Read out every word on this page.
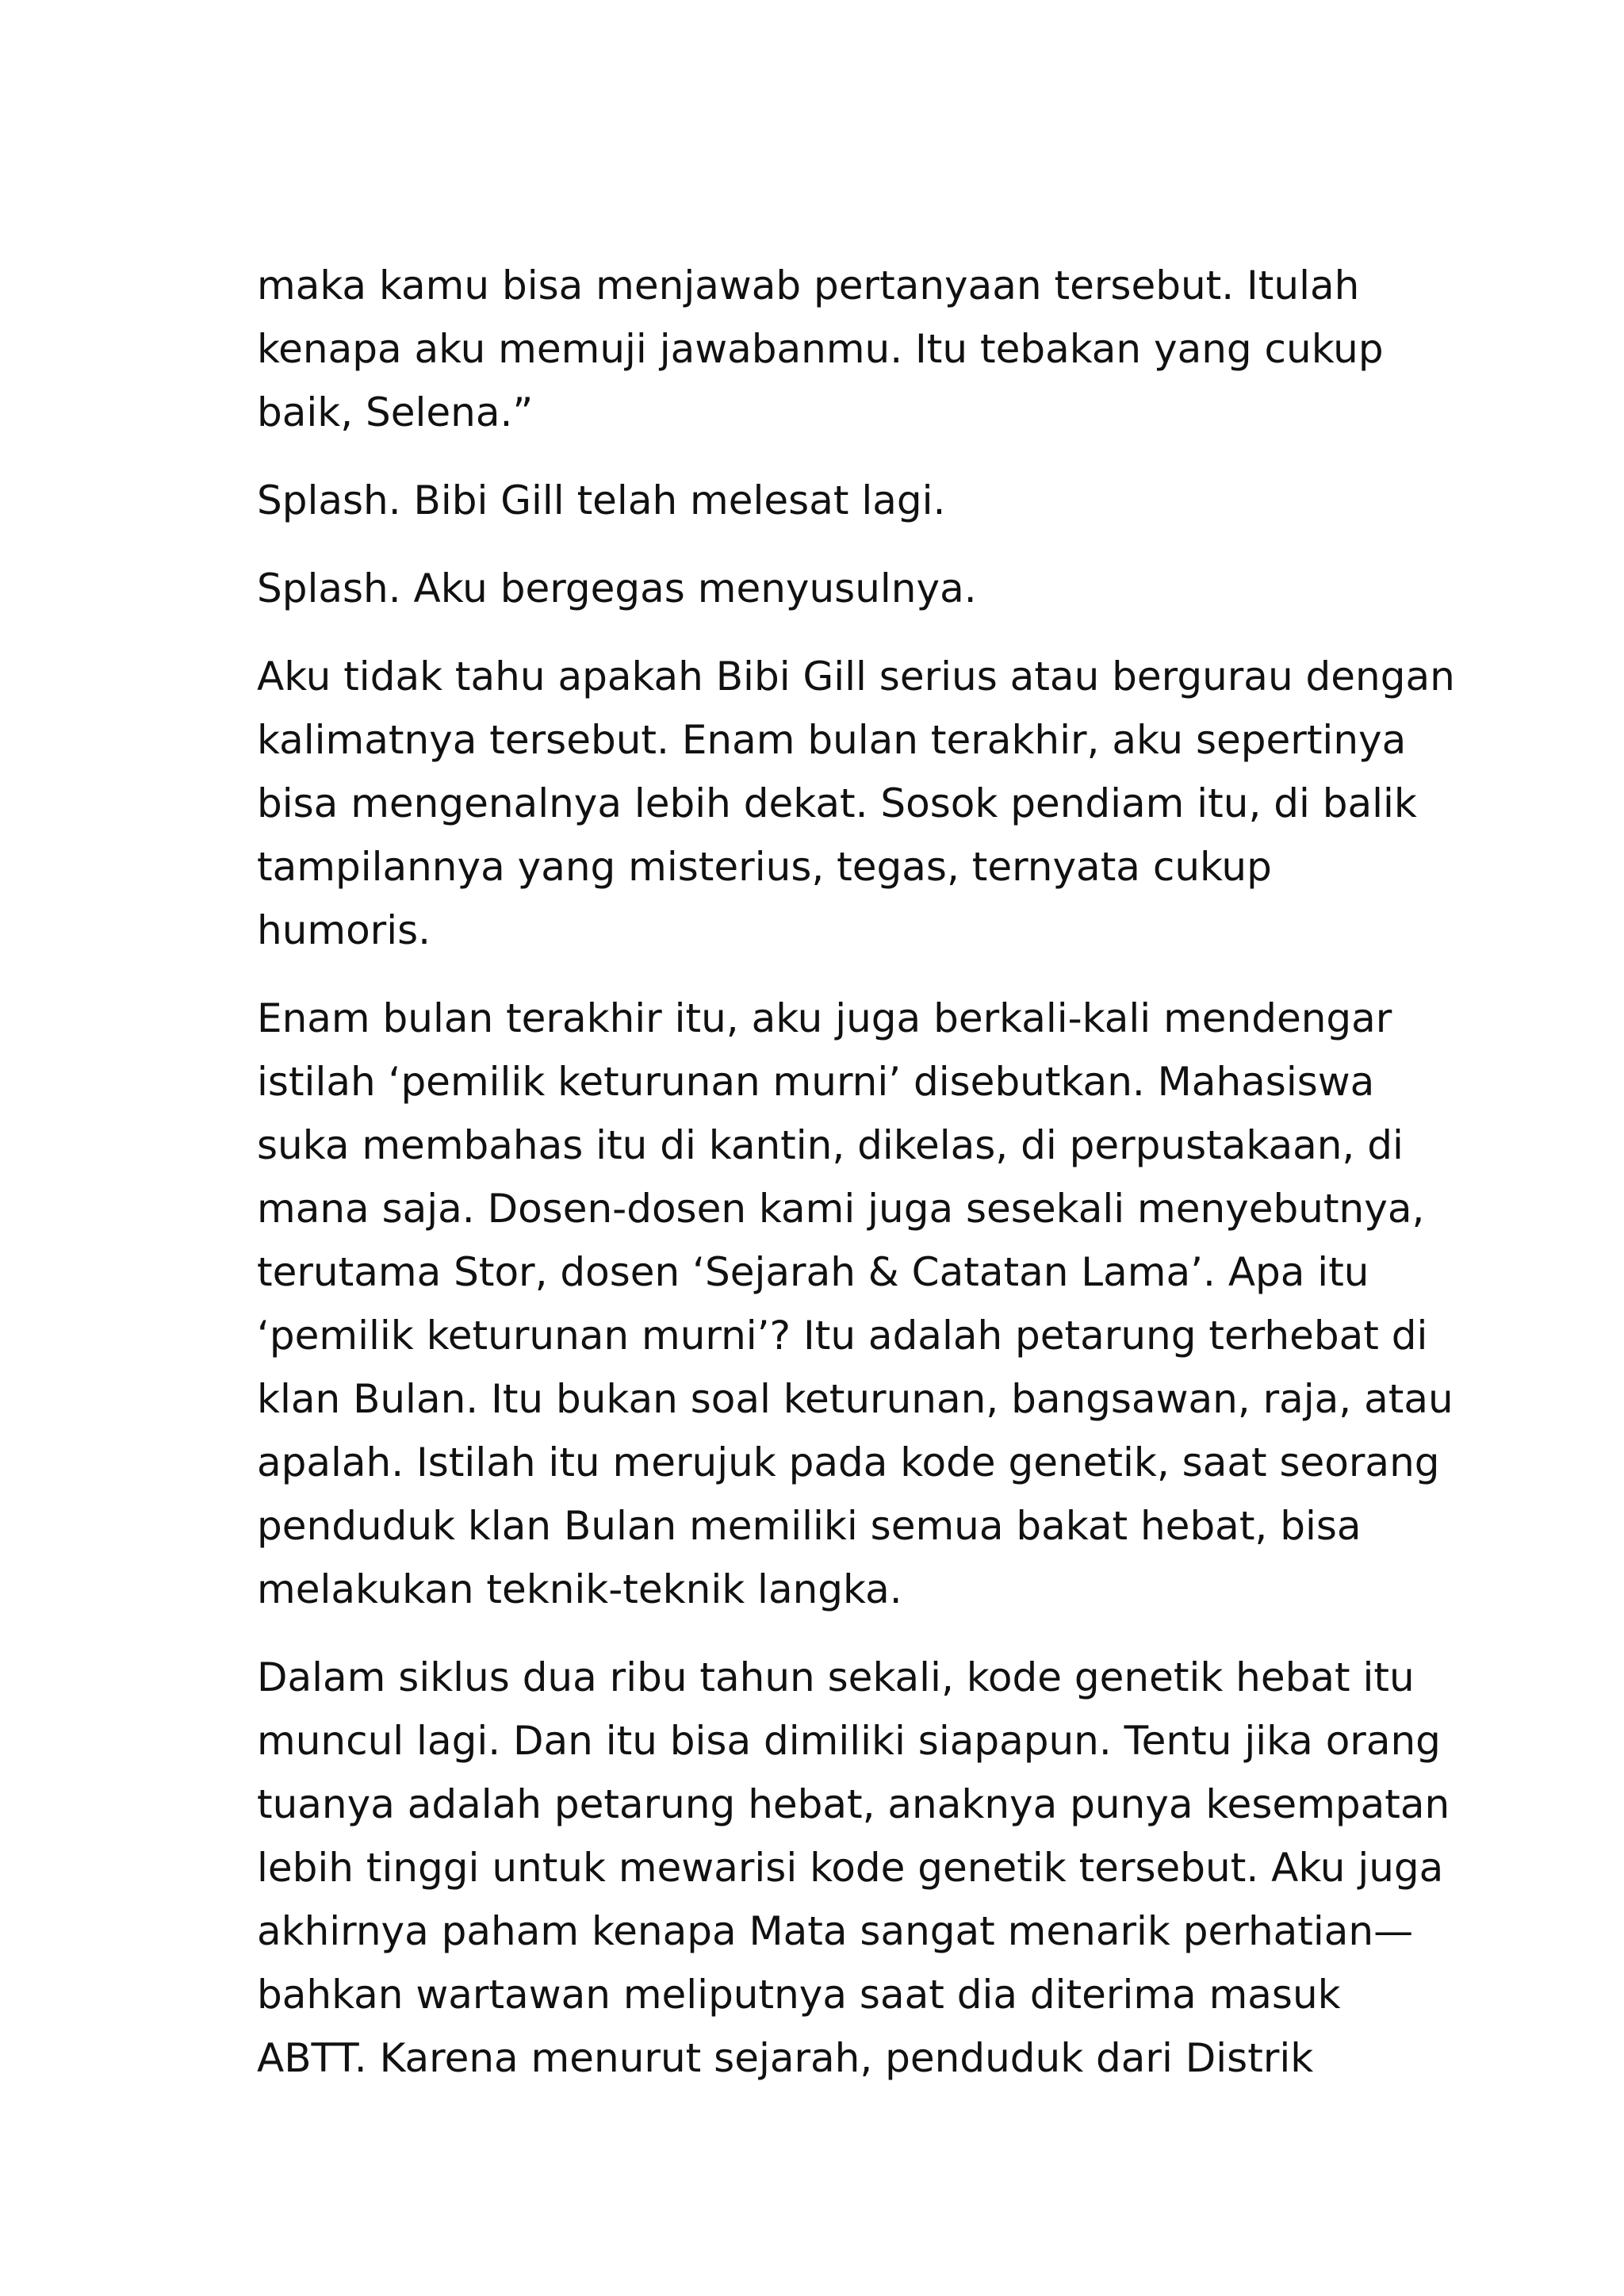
maka kamu bisa menjawab pertanyaan tersebut. Itulah
kenapa aku memuji jawabanmu. Itu tebakan yang cukup
baik, Selena.”

Splash. Bibi Gill telah melesat lagi.

Splash. Aku bergegas menyusulnya.

Aku tidak tahu apakah Bibi Gill serius atau bergurau dengan
kalimatnya tersebut. Enam bulan terakhir, aku sepertinya
bisa mengenalnya lebih dekat. Sosok pendiam itu, di balik
tampilannya yang misterius, tegas, ternyata cukup
humoris.

Enam bulan terakhir itu, aku juga berkali-kali mendengar
istilah ‘pemilik keturunan murni’ disebutkan. Mahasiswa
suka membahas itu di kantin, dikelas, di perpustakaan, di
mana saja. Dosen-dosen kami juga sesekali menyebutnya,
terutama Stor, dosen ‘Sejarah & Catatan Lama’. Apa itu
‘pemilik keturunan murni’? Itu adalah petarung terhebat di
klan Bulan. Itu bukan soal keturunan, bangsawan, raja, atau
apalah. Istilah itu merujuk pada kode genetik, saat seorang
penduduk klan Bulan memiliki semua bakat hebat, bisa
melakukan teknik-teknik langka.

Dalam siklus dua ribu tahun sekali, kode genetik hebat itu
muncul lagi. Dan itu bisa dimiliki siapapun. Tentu jika orang
tuanya adalah petarung hebat, anaknya punya kesempatan
lebih tinggi untuk mewarisi kode genetik tersebut. Aku juga
akhirnya paham kenapa Mata sangat menarik perhatian—
bahkan wartawan meliputnya saat dia diterima masuk
ABTT. Karena menurut sejarah, penduduk dari Distrik
